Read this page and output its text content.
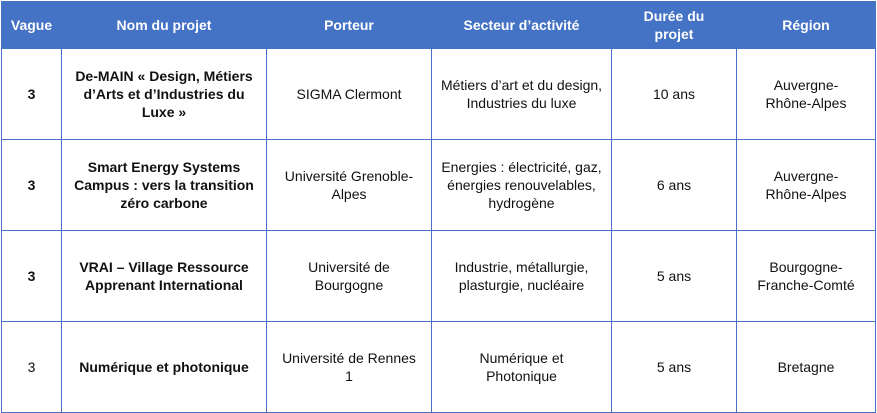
Vague	Nom du projet	Porteur	Secteur d’activité	Durée du projet	Région
3	De-MAIN « Design, Métiers d’Arts et d’Industries du Luxe »	SIGMA Clermont	Métiers d’art et du design, Industries du luxe	10 ans	Auvergne-Rhône-Alpes
3	Smart Energy Systems Campus : vers la transition zéro carbone	Université Grenoble-Alpes	Energies : électricité, gaz, énergies renouvelables, hydrogène	6 ans	Auvergne-Rhône-Alpes
3	VRAI – Village Ressource Apprenant International	Université de Bourgogne	Industrie, métallurgie, plasturgie, nucléaire	5 ans	Bourgogne-Franche-Comté
3	Numérique et photonique	Université de Rennes 1	Numérique et Photonique	5 ans	Bretagne
